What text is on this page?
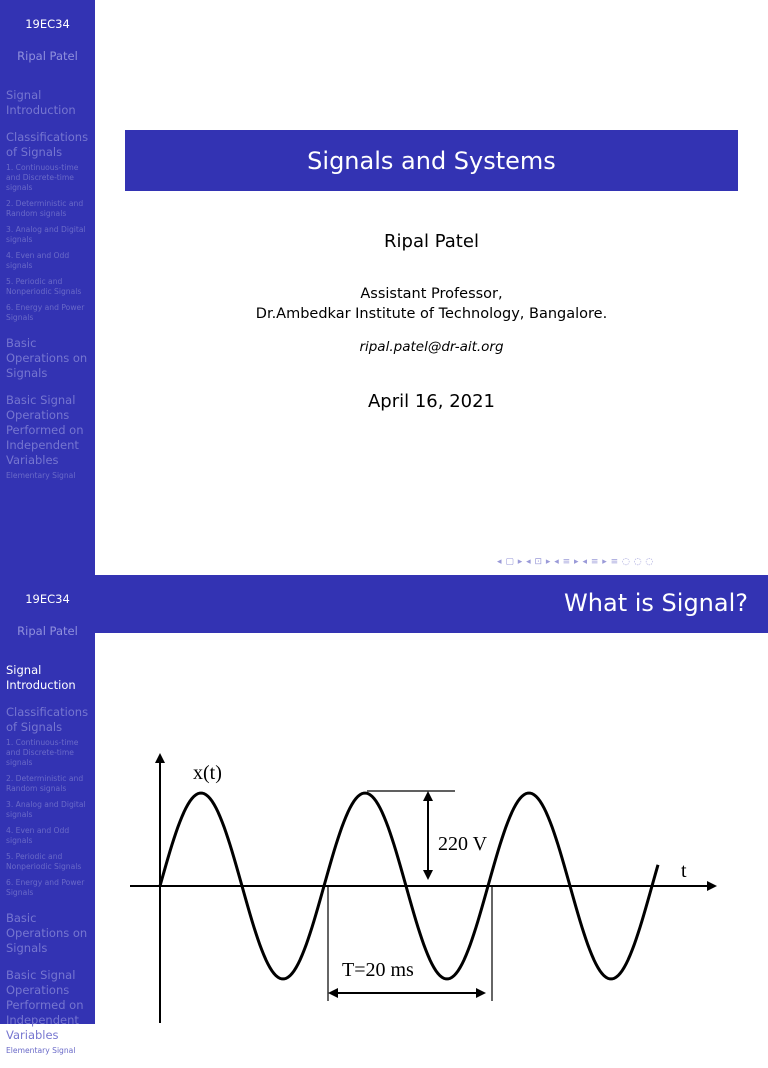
19EC34
Ripal Patel
Signal Introduction
Classifications of Signals
1. Continuous-time and Discrete-time signals
2. Deterministic and Random signals
3. Analog and Digital signals
4. Even and Odd signals
5. Periodic and Nonperiodic Signals
6. Energy and Power Signals
Basic Operations on Signals
Basic Signal Operations Performed on Independent Variables
Elementary Signal
Signals and Systems
Ripal Patel
Assistant Professor,
Dr.Ambedkar Institute of Technology, Bangalore.
ripal.patel@dr-ait.org
April 16, 2021
◂ ▢ ▸ ◂ ⊡ ▸ ◂ ≡ ▸ ◂ ≡ ▸ ≡ ◌ ◌ ◌
19EC34
Ripal Patel
Signal Introduction
Classifications of Signals
1. Continuous-time and Discrete-time signals
2. Deterministic and Random signals
3. Analog and Digital signals
4. Even and Odd signals
5. Periodic and Nonperiodic Signals
6. Energy and Power Signals
Basic Operations on Signals
Basic Signal Operations Performed on Independent Variables
Elementary Signal
What is Signal?
x(t)
t
220 V
T=20 ms
